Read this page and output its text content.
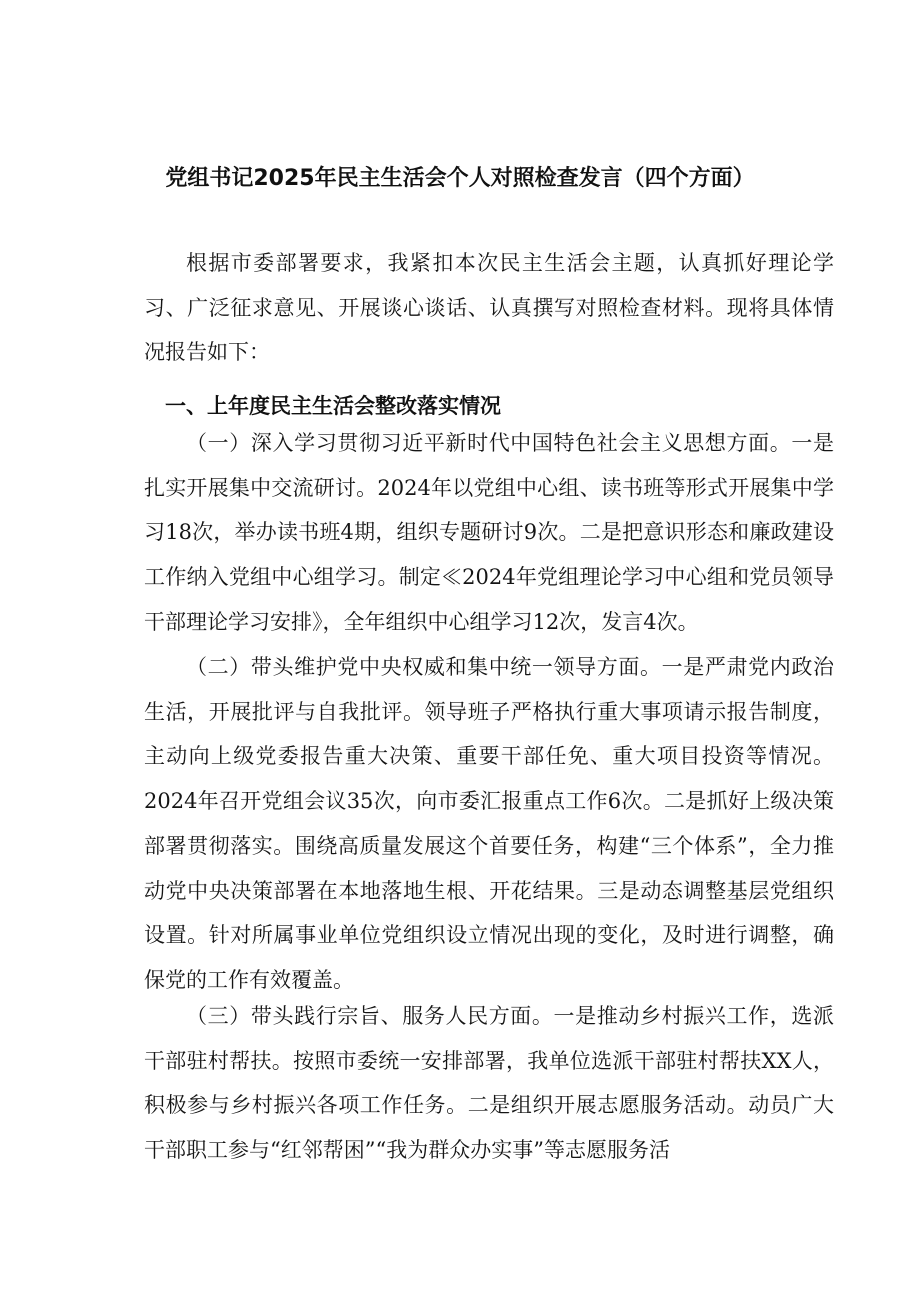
党组书记2025年民主生活会个人对照检查发言（四个方面）

根据市委部署要求，我紧扣本次民主生活会主题，认真抓好理论学习、广泛征求意见、开展谈心谈话、认真撰写对照检查材料。现将具体情况报告如下：

一、上年度民主生活会整改落实情况

（一）深入学习贯彻习近平新时代中国特色社会主义思想方面。一是扎实开展集中交流研讨。2024年以党组中心组、读书班等形式开展集中学习18次，举办读书班4期，组织专题研讨9次。二是把意识形态和廉政建设工作纳入党组中心组学习。制定≪2024年党组理论学习中心组和党员领导干部理论学习安排》，全年组织中心组学习12次，发言4次。

（二）带头维护党中央权威和集中统一领导方面。一是严肃党内政治生活，开展批评与自我批评。领导班子严格执行重大事项请示报告制度，主动向上级党委报告重大决策、重要干部任免、重大项目投资等情况。2024年召开党组会议35次，向市委汇报重点工作6次。二是抓好上级决策部署贯彻落实。围绕高质量发展这个首要任务，构建“三个体系”，全力推动党中央决策部署在本地落地生根、开花结果。三是动态调整基层党组织设置。针对所属事业单位党组织设立情况出现的变化，及时进行调整，确保党的工作有效覆盖。

（三）带头践行宗旨、服务人民方面。一是推动乡村振兴工作，选派干部驻村帮扶。按照市委统一安排部署，我单位选派干部驻村帮扶XX人，积极参与乡村振兴各项工作任务。二是组织开展志愿服务活动。动员广大干部职工参与“红邻帮困”“我为群众办实事”等志愿服务活
